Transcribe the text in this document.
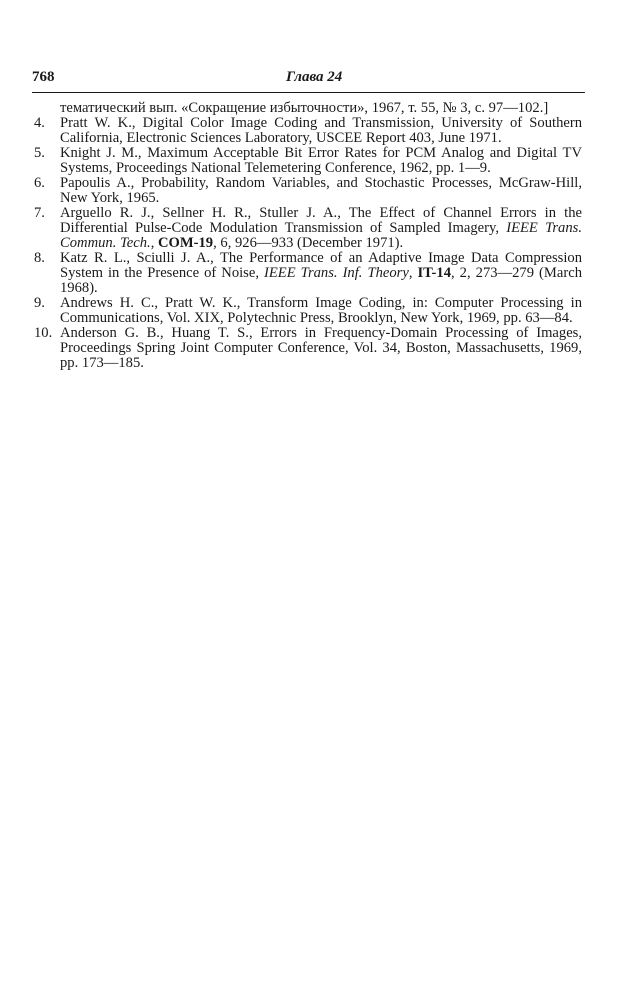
768	Глава 24
тематический вып. «Сокращение избыточности», 1967, т. 55, № 3, с. 97—102.]
4.	Pratt W. K., Digital Color Image Coding and Transmission, University of Southern California, Electronic Sciences Laboratory, USCEE Report 403, June 1971.
5.	Knight J. M., Maximum Acceptable Bit Error Rates for PCM Analog and Digital TV Systems, Proceedings National Telemetering Conference, 1962, pp. 1—9.
6.	Papoulis A., Probability, Random Variables, and Stochastic Processes, McGraw-Hill, New York, 1965.
7.	Arguello R. J., Sellner H. R., Stuller J. A., The Effect of Channel Errors in the Differential Pulse-Code Modulation Transmission of Sampled Imagery, IEEE Trans. Commun. Tech., COM-19, 6, 926—933 (December 1971).
8.	Katz R. L., Sciulli J. A., The Performance of an Adaptive Image Data Compression System in the Presence of Noise, IEEE Trans. Inf. Theory, IT-14, 2, 273—279 (March 1968).
9.	Andrews H. C., Pratt W. K., Transform Image Coding, in: Computer Processing in Communications, Vol. XIX, Polytechnic Press, Brooklyn, New York, 1969, pp. 63—84.
10. Anderson G. B., Huang T. S., Errors in Frequency-Domain Processing of Images, Proceedings Spring Joint Computer Conference, Vol. 34, Boston, Massachusetts, 1969, pp. 173—185.
